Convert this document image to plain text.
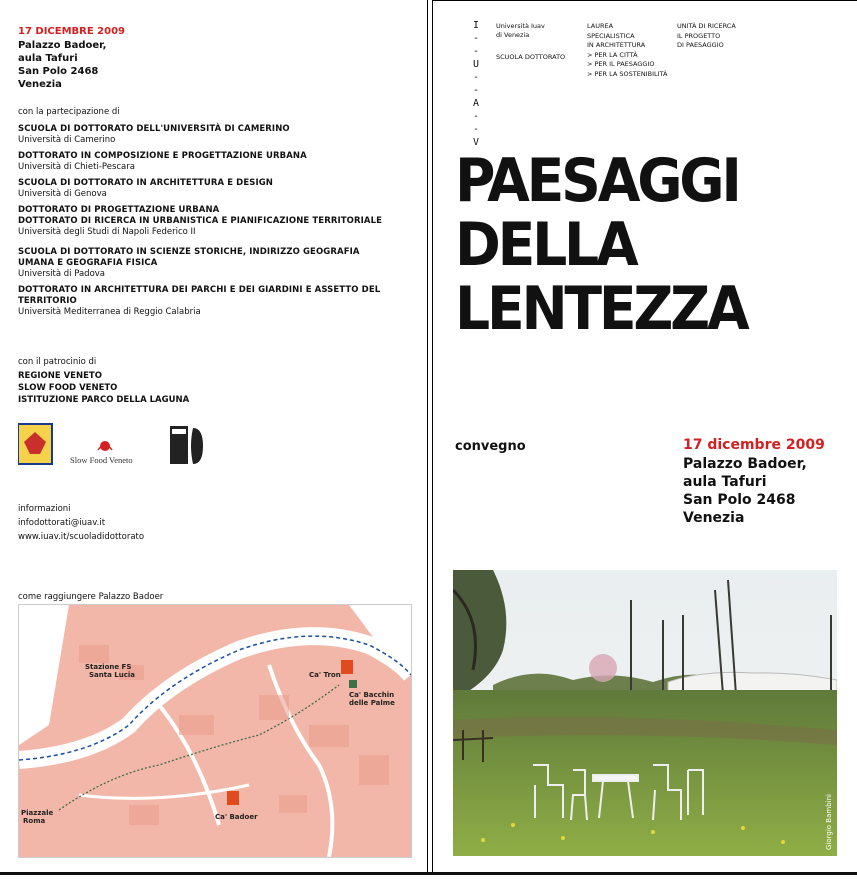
17 DICEMBRE 2009
Palazzo Badoer,
aula Tafuri
San Polo 2468
Venezia
con la partecipazione di
SCUOLA DI DOTTORATO DELL'UNIVERSITÀ DI CAMERINO
Università di Camerino
DOTTORATO IN COMPOSIZIONE E PROGETTAZIONE URBANA
Università di Chieti-Pescara
SCUOLA DI DOTTORATO IN ARCHITETTURA E DESIGN
Università di Genova
DOTTORATO DI PROGETTAZIONE URBANA
DOTTORATO DI RICERCA IN URBANISTICA E PIANIFICAZIONE TERRITORIALE
Università degli Studi di Napoli Federico II
SCUOLA DI DOTTORATO IN SCIENZE STORICHE, INDIRIZZO GEOGRAFIA
UMANA E GEOGRAFIA FISICA
Università di Padova
DOTTORATO IN ARCHITETTURA DEI PARCHI E DEI GIARDINI E ASSETTO DEL TERRITORIO
Università Mediterranea di Reggio Calabria
con il patrocinio di
REGIONE VENETO
SLOW FOOD VENETO
ISTITUZIONE PARCO DELLA LAGUNA
Slow Food Veneto
informazioni
infodottorati@iuav.it
www.iuav.it/scuoladidottorato
come raggiungere Palazzo Badoer
Stazione FS
Santa Lucia
Piazzale
Roma	Ca' Badoer
Ca' Tron
Ca' Bacchin
delle Palme
I
- -
U
- -
A
- -
V
Università Iuav
di Venezia
SCUOLA DOTTORATO
LAUREA
SPECIALISTICA
IN ARCHITETTURA
> PER LA CITTÀ
> PER IL PAESAGGIO
> PER LA SOSTENIBILITÀ
UNITÀ DI RICERCA
IL PROGETTO
DI PAESAGGIO
PAESAGGI
DELLA
LENTEZZA
convegno	17 dicembre 2009
Palazzo Badoer,
aula Tafuri
San Polo 2468
Venezia
Giorgio Bambini
